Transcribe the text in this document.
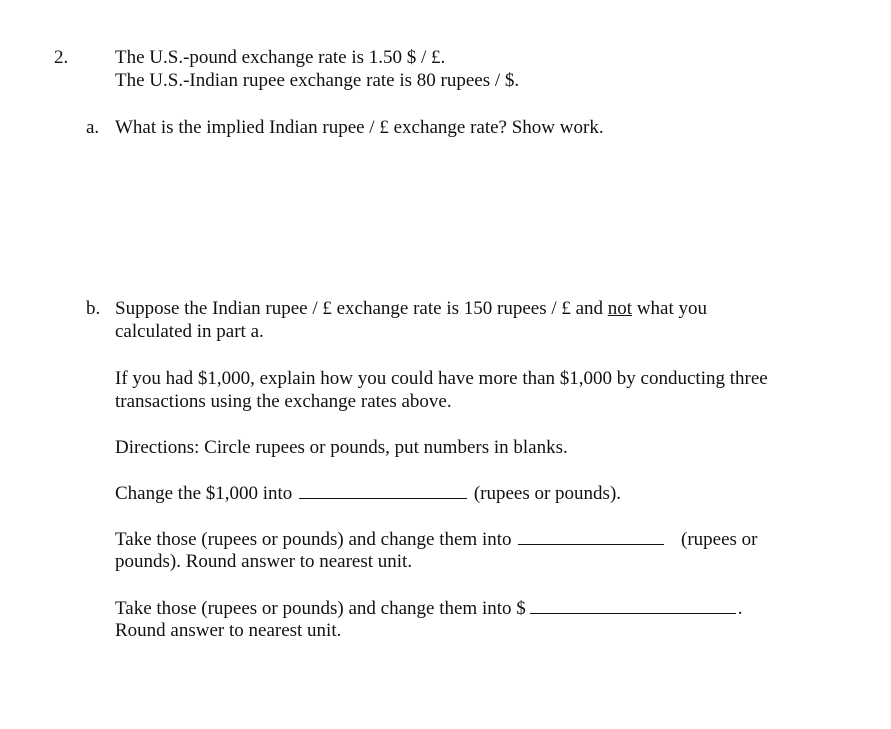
2. The U.S.-pound exchange rate is 1.50 $ / £.
The U.S.-Indian rupee exchange rate is 80 rupees / $.
a. What is the implied Indian rupee / £ exchange rate? Show work.
b. Suppose the Indian rupee / £ exchange rate is 150 rupees / £ and not what you
calculated in part a.
If you had $1,000, explain how you could have more than $1,000 by conducting three
transactions using the exchange rates above.
Directions: Circle rupees or pounds, put numbers in blanks.
Change the $1,000 into	(rupees or pounds).
Take those (rupees or pounds) and change them into	(rupees or
pounds). Round answer to nearest unit.
Take those (rupees or pounds) and change them into $	.
Round answer to nearest unit.
